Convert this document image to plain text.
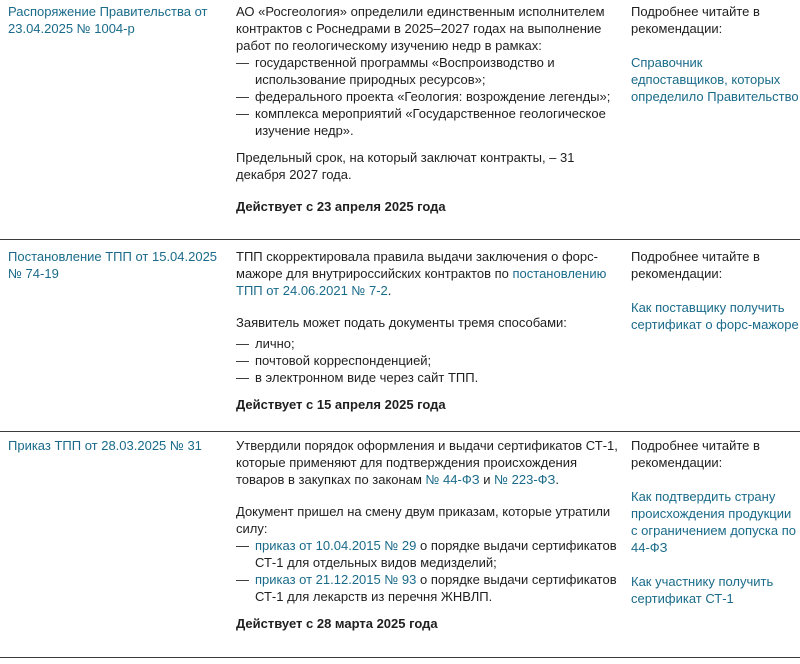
Распоряжение Правительства от 23.04.2025 № 1004-р

АО «Росгеология» определили единственным исполнителем контрактов с Роснедрами в 2025–2027 годах на выполнение работ по геологическому изучению недр в рамках:

— государственной программы «Воспроизводство и использование природных ресурсов»;
— федерального проекта «Геология: возрождение легенды»;
— комплекса мероприятий «Государственное геологическое изучение недр».

Предельный срок, на который заключат контракты, – 31 декабря 2027 года.

Действует с 23 апреля 2025 года

Подробнее читайте в рекомендации:

Справочник едпоставщиков, которых определило Правительство

Постановление ТПП от 15.04.2025 № 74-19

ТПП скорректировала правила выдачи заключения о форс-мажоре для внутрироссийских контрактов по постановлению ТПП от 24.06.2021 № 7-2.

Заявитель может подать документы тремя способами:

— лично;
— почтовой корреспонденцией;
— в электронном виде через сайт ТПП.

Действует с 15 апреля 2025 года

Подробнее читайте в рекомендации:

Как поставщику получить сертификат о форс-мажоре

Приказ ТПП от 28.03.2025 № 31	Утвердили порядок оформления и выдачи сертификатов СТ-1, которые применяют для подтверждения происхождения товаров в закупках по законам № 44-ФЗ и № 223-ФЗ.

Документ пришел на смену двум приказам, которые утратили силу:

— приказ от 10.04.2015 № 29 о порядке выдачи сертификатов СТ-1 для отдельных видов медизделий;
— приказ от 21.12.2015 № 93 о порядке выдачи сертификатов СТ-1 для лекарств из перечня ЖНВЛП.

Действует с 28 марта 2025 года

Подробнее читайте в рекомендации:

Как подтвердить страну происхождения продукции с ограничением допуска по 44-ФЗ

Как участнику получить сертификат СТ-1
